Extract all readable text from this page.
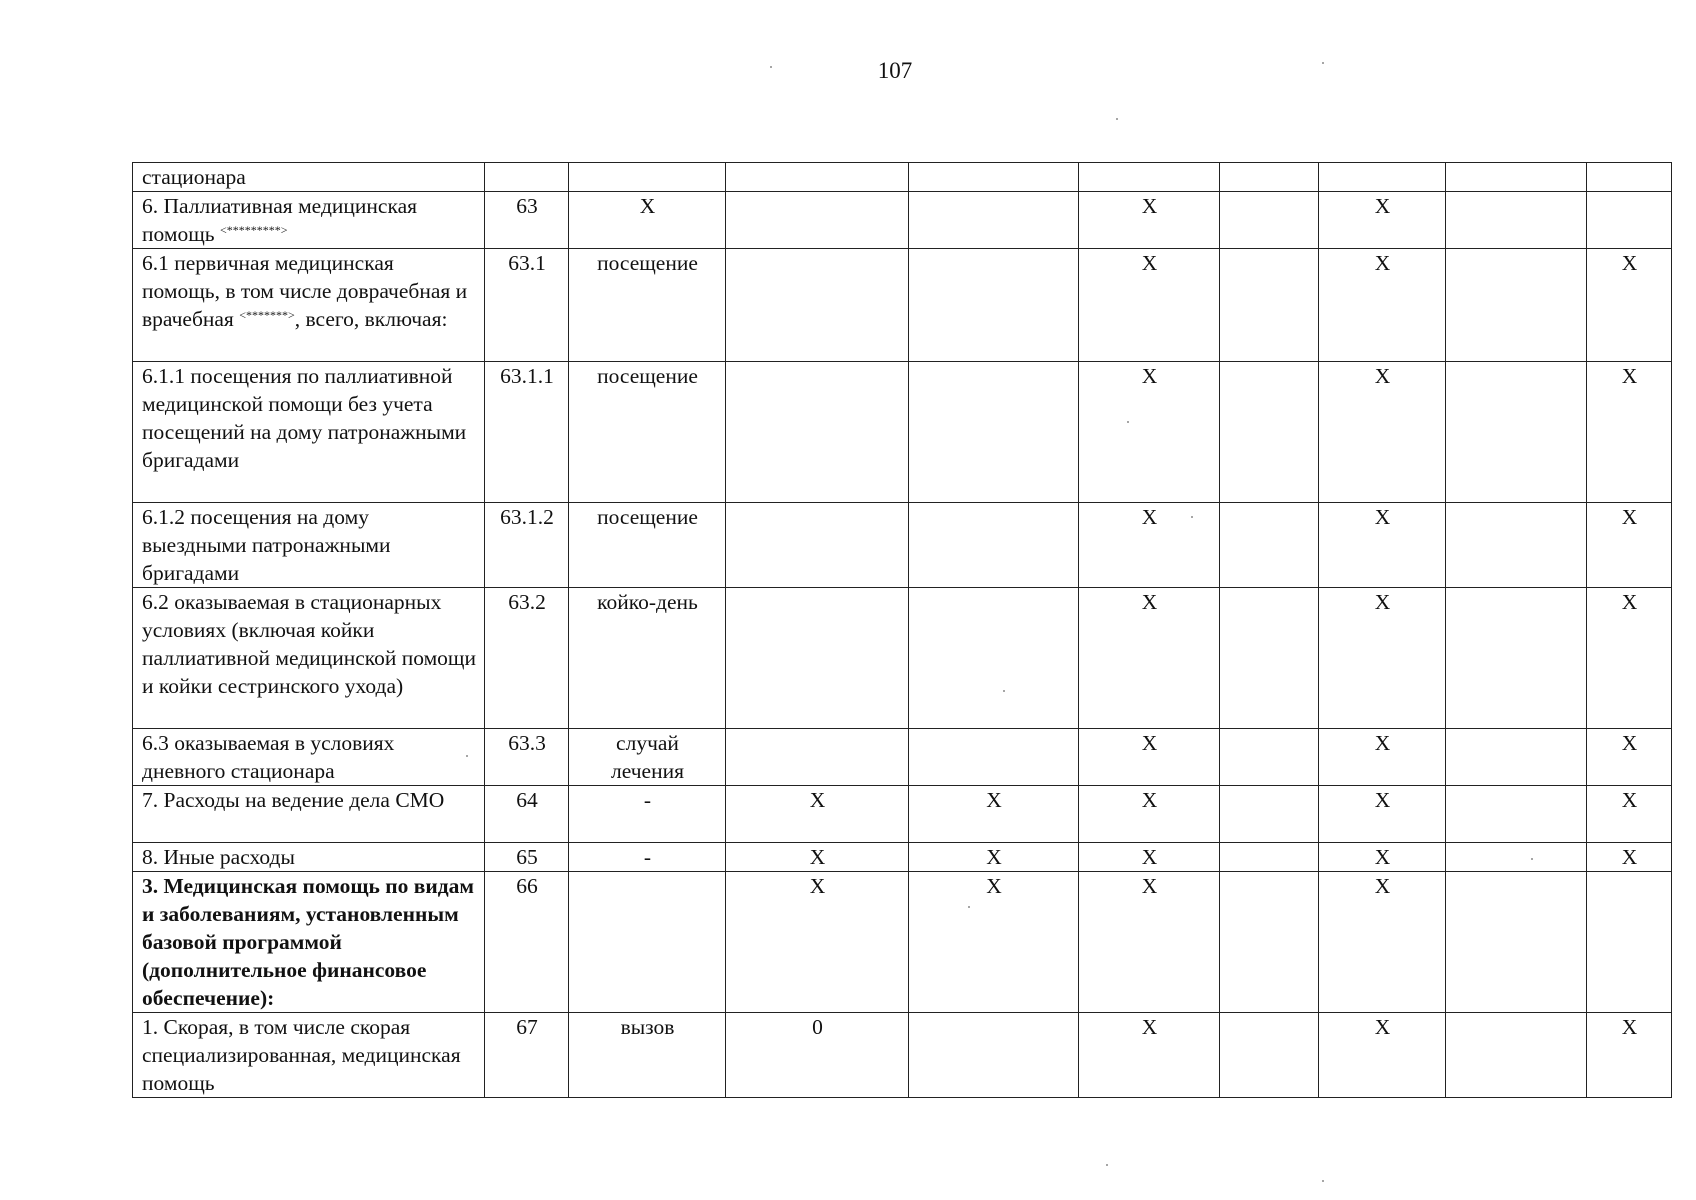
107
стационара									
6. Паллиативная медицинская помощь <*********>	63	X			X		X		
6.1 первичная медицинская помощь, в том числе доврачебная и врачебная <*******>, всего, включая:	63.1	посещение			X		X		X
6.1.1 посещения по паллиативной медицинской помощи без учета посещений на дому патронажными бригадами	63.1.1	посещение			X		X		X
6.1.2 посещения на дому выездными патронажными бригадами	63.1.2	посещение			X		X		X
6.2 оказываемая в стационарных условиях (включая койки паллиативной медицинской помощи и койки сестринского ухода)	63.2	койко-день			X		X		X
6.3 оказываемая в условиях дневного стационара	63.3	случай лечения			X		X		X
7. Расходы на ведение дела СМО	64	-	X	X	X		X		X
8. Иные расходы	65	-	X	X	X		X		X
3. Медицинская помощь по видам и заболеваниям, установленным базовой программой (дополнительное финансовое обеспечение):	66		X	X	X		X		
1. Скорая, в том числе скорая специализированная, медицинская помощь	67	вызов	0		X		X		X
